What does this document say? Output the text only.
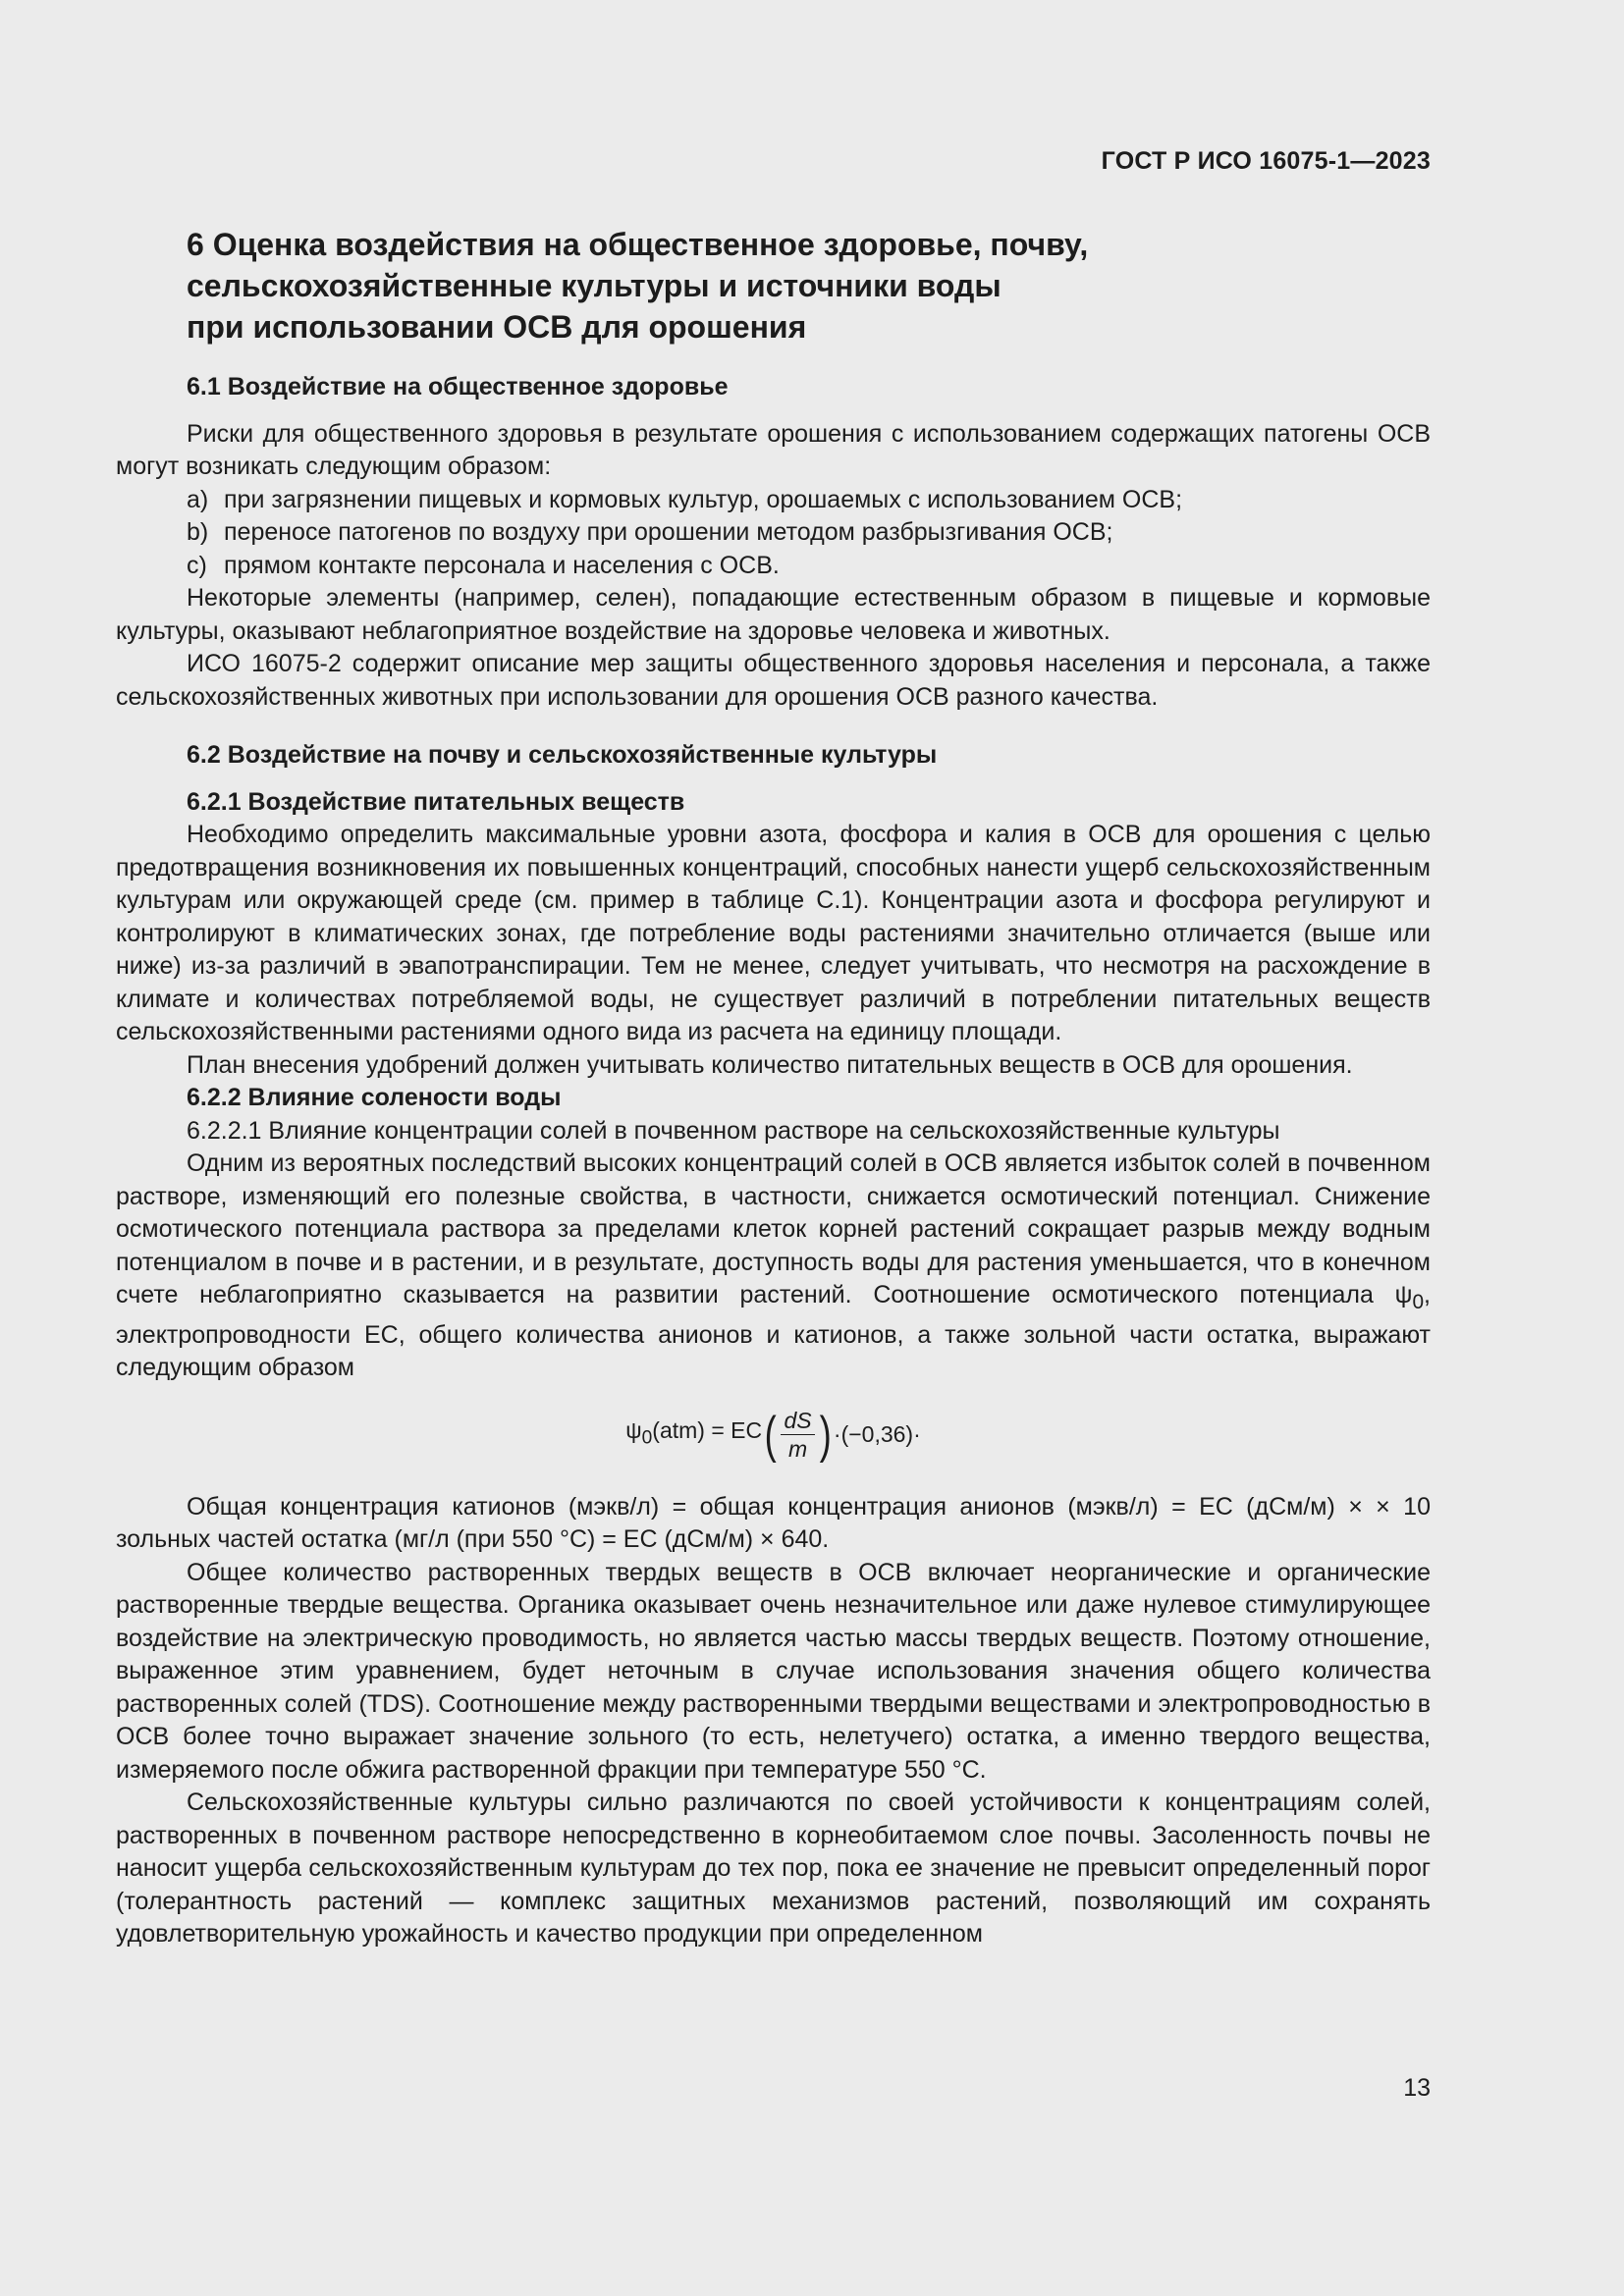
ГОСТ Р ИСО 16075-1—2023
6 Оценка воздействия на общественное здоровье, почву,
сельскохозяйственные культуры и источники воды
при использовании ОСВ для орошения
6.1 Воздействие на общественное здоровье

Риски для общественного здоровья в результате орошения с использованием содержащих патогены ОСВ могут возникать следующим образом:

a) при загрязнении пищевых и кормовых культур, орошаемых с использованием ОСВ;
b) переносе патогенов по воздуху при орошении методом разбрызгивания ОСВ;
c) прямом контакте персонала и населения с ОСВ.

Некоторые элементы (например, селен), попадающие естественным образом в пищевые и кормовые культуры, оказывают неблагоприятное воздействие на здоровье человека и животных.

ИСО 16075-2 содержит описание мер защиты общественного здоровья населения и персонала, а также сельскохозяйственных животных при использовании для орошения ОСВ разного качества.

6.2 Воздействие на почву и сельскохозяйственные культуры
6.2.1 Воздействие питательных веществ

Необходимо определить максимальные уровни азота, фосфора и калия в ОСВ для орошения с целью предотвращения возникновения их повышенных концентраций, способных нанести ущерб сельскохозяйственным культурам или окружающей среде (см. пример в таблице С.1). Концентрации азота и фосфора регулируют и контролируют в климатических зонах, где потребление воды растениями значительно отличается (выше или ниже) из-за различий в эвапотранспирации. Тем не менее, следует учитывать, что несмотря на расхождение в климате и количествах потребляемой воды, не существует различий в потреблении питательных веществ сельскохозяйственными растениями одного вида из расчета на единицу площади.

План внесения удобрений должен учитывать количество питательных веществ в ОСВ для орошения.

6.2.2 Влияние солености воды
6.2.2.1 Влияние концентрации солей в почвенном растворе на сельскохозяйственные культуры

Одним из вероятных последствий высоких концентраций солей в ОСВ является избыток солей в почвенном растворе, изменяющий его полезные свойства, в частности, снижается осмотический потенциал. Снижение осмотического потенциала раствора за пределами клеток корней растений сокращает разрыв между водным потенциалом в почве и в растении, и в результате, доступность воды для растения уменьшается, что в конечном счете неблагоприятно сказывается на развитии растений. Соотношение осмотического потенциала $\psi_0$, электропроводности EC, общего количества анионов и катионов, а также зольной части остатка, выражают следующим образом

$\psi_0(atm)$ = EC ( $\frac{dS}{m}$ ) ·(−0,36)·

Общая концентрация катионов (мэкв/л) = общая концентрация анионов (мэкв/л) = EC (дСм/м) × × 10 зольных частей остатка (мг/л (при 550 °C) = EC (дСм/м) × 640.

Общее количество растворенных твердых веществ в ОСВ включает неорганические и органические растворенные твердые вещества. Органика оказывает очень незначительное или даже нулевое стимулирующее воздействие на электрическую проводимость, но является частью массы твердых веществ. Поэтому отношение, выраженное этим уравнением, будет неточным в случае использования значения общего количества растворенных солей (TDS). Соотношение между растворенными твердыми веществами и электропроводностью в ОСВ более точно выражает значение зольного (то есть, нелетучего) остатка, а именно твердого вещества, измеряемого после обжига растворенной фракции при температуре 550 °C.

Сельскохозяйственные культуры сильно различаются по своей устойчивости к концентрациям солей, растворенных в почвенном растворе непосредственно в корнеобитаемом слое почвы. Засоленность почвы не наносит ущерба сельскохозяйственным культурам до тех пор, пока ее значение не превысит определенный порог (толерантность растений — комплекс защитных механизмов растений, позволяющий им сохранять удовлетворительную урожайность и качество продукции при определенном

13
